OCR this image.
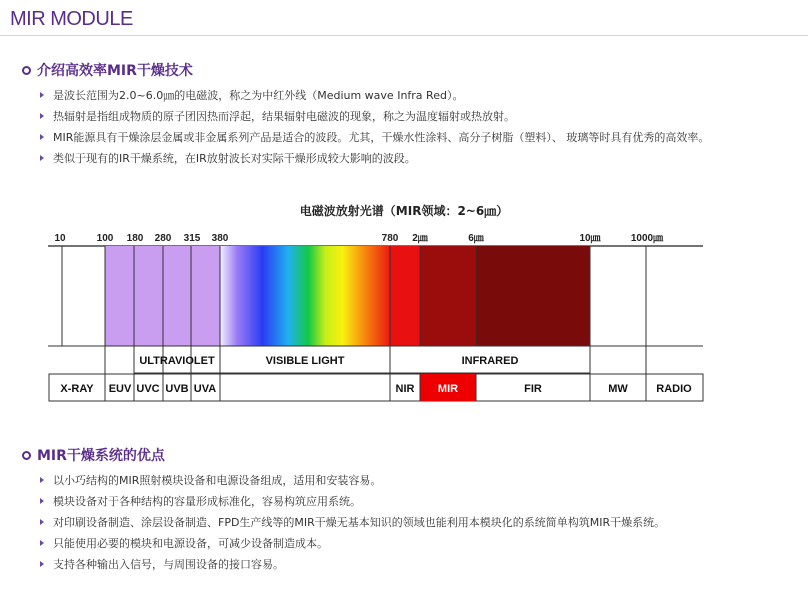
MIR MODULE
介绍高效率MIR干燥技术
是波长范围为2.0~6.0㎛的电磁波，称之为中红外线（Medium wave Infra Red）。
热辐射是指组成物质的原子团因热而浮起，结果辐射电磁波的现象，称之为温度辐射或热放射。
MIR能源具有干燥涂层金属或非金属系列产品是适合的波段。尤其，干燥水性涂料、高分子树脂（塑料）、 玻璃等时具有优秀的高效率。
类似于现有的IR干燥系统，在IR放射波长对实际干燥形成较大影响的波段。
电磁波放射光谱（MIR领域：2~6㎛）
10	100 180 280 315 380	780 2㎛	6㎛	10㎛	1000㎛
ULTRAVIOLET	VISIBLE LIGHT	INFRARED
X-RAY EUV UVC UVB UVA	NIR MIR	FIR	MW	RADIO
MIR干燥系统的优点
以小巧结构的MIR照射模块设备和电源设备组成，适用和安装容易。
模块设备对于各种结构的容量形成标准化，容易构筑应用系统。
对印刷设备制造、涂层设备制造、FPD生产线等的MIR干燥无基本知识的领域也能利用本模块化的系统简单构筑MIR干燥系统。
只能使用必要的模块和电源设备，可减少设备制造成本。
支持各种输出入信号，与周围设备的接口容易。
